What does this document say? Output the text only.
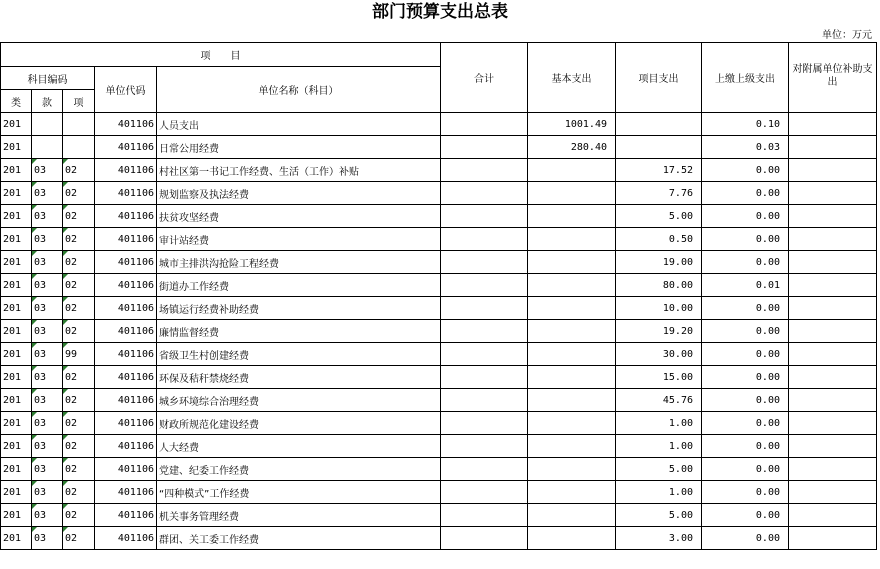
部门预算支出总表
单位：万元
项　　目					合计	基本支出	项目支出	上缴上级支出	对附属单位补助支出
科目编码			单位代码	单位名称（科目）					
类	款	项							
201			401106	人员支出		1001.49		0.10	
201			401106	日常公用经费		280.40		0.03	
201	03	02	401106	村社区第一书记工作经费、生活（工作）补贴			17.52	0.00	
201	03	02	401106	规划监察及执法经费			7.76	0.00	
201	03	02	401106	扶贫攻坚经费			5.00	0.00	
201	03	02	401106	审计站经费			0.50	0.00	
201	03	02	401106	城市主排洪沟抢险工程经费			19.00	0.00	
201	03	02	401106	街道办工作经费			80.00	0.01	
201	03	02	401106	场镇运行经费补助经费			10.00	0.00	
201	03	02	401106	廉情监督经费			19.20	0.00	
201	03	99	401106	省级卫生村创建经费			30.00	0.00	
201	03	02	401106	环保及秸秆禁烧经费			15.00	0.00	
201	03	02	401106	城乡环境综合治理经费			45.76	0.00	
201	03	02	401106	财政所规范化建设经费			1.00	0.00	
201	03	02	401106	人大经费			1.00	0.00	
201	03	02	401106	党建、纪委工作经费			5.00	0.00	
201	03	02	401106	“四种模式”工作经费			1.00	0.00	
201	03	02	401106	机关事务管理经费			5.00	0.00	
201	03	02	401106	群团、关工委工作经费			3.00	0.00	
